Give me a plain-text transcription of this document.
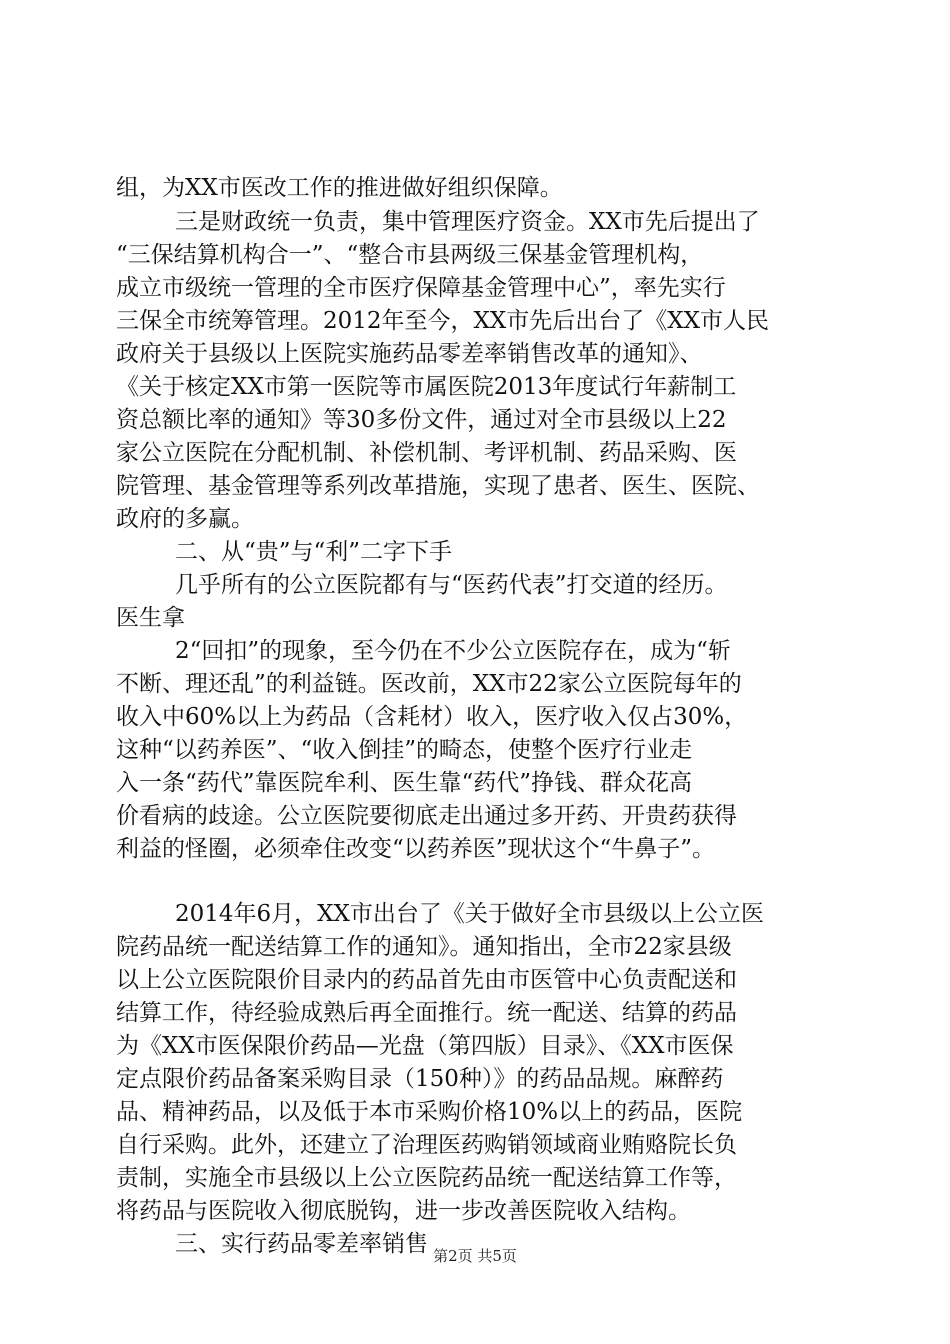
组，为XX市医改工作的推进做好组织保障。
三是财政统一负责，集中管理医疗资金。XX市先后提出了
“三保结算机构合一”、“整合市县两级三保基金管理机构，
成立市级统一管理的全市医疗保障基金管理中心”，率先实行
三保全市统筹管理。2012年至今，XX市先后出台了《XX市人民
政府关于县级以上医院实施药品零差率销售改革的通知》、
《关于核定XX市第一医院等市属医院2013年度试行年薪制工
资总额比率的通知》等30多份文件，通过对全市县级以上22
家公立医院在分配机制、补偿机制、考评机制、药品采购、医
院管理、基金管理等系列改革措施，实现了患者、医生、医院、
政府的多赢。
二、从“贵”与“利”二字下手
几乎所有的公立医院都有与“医药代表”打交道的经历。
医生拿
2“回扣”的现象，至今仍在不少公立医院存在，成为“斩
不断、理还乱”的利益链。医改前，XX市22家公立医院每年的
收入中60%以上为药品（含耗材）收入，医疗收入仅占30%，
这种“以药养医”、“收入倒挂”的畸态，使整个医疗行业走
入一条“药代”靠医院牟利、医生靠“药代”挣钱、群众花高
价看病的歧途。公立医院要彻底走出通过多开药、开贵药获得
利益的怪圈，必须牵住改变“以药养医”现状这个“牛鼻子”。
2014年6月，XX市出台了《关于做好全市县级以上公立医
院药品统一配送结算工作的通知》。通知指出，全市22家县级
以上公立医院限价目录内的药品首先由市医管中心负责配送和
结算工作，待经验成熟后再全面推行。统一配送、结算的药品
为《XX市医保限价药品—光盘（第四版）目录》、《XX市医保
定点限价药品备案采购目录（150种）》的药品品规。麻醉药
品、精神药品，以及低于本市采购价格10%以上的药品，医院
自行采购。此外，还建立了治理医药购销领域商业贿赂院长负
责制，实施全市县级以上公立医院药品统一配送结算工作等，
将药品与医院收入彻底脱钩，进一步改善医院收入结构。
三、实行药品零差率销售 第2页 共5页
